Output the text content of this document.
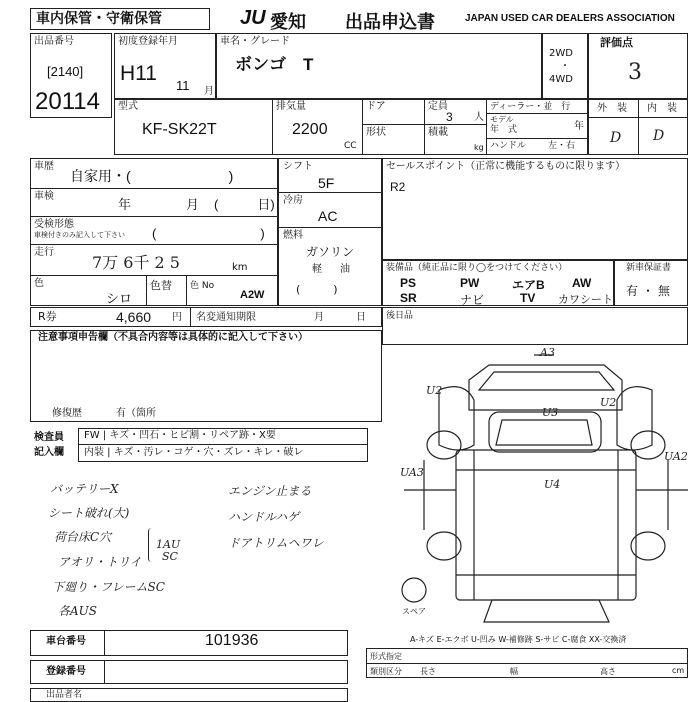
車内保管・守衛保管	JU 愛知 出品申込書	JAPAN USED CAR DEALERS ASSOCIATION
出品番号
[2140]
20114
初度登録年月
H11
11 月
車名・グレード
ボンゴ　T
2WD
・
4WD
評価点
3
型式
KF-SK22T
排気量
2200
CC
ドア
形状
定員
3 人
積載
kg
ディーラー・並　行
モデル
年　式	年
ハンドル 左・右
外　装 内　装
D D
車歴
自家用・(　　　　　　　)
車検
年	月 (　　　日)
受検形態
車検付きのみ記入して下さい (　　　　　　　　)
走行
7万 6千 2 5	km
色
シロ
色替 色 No
A2W
シフト
5F
冷房
AC
燃料
ガソリン
軽 油
(　　　)
セールスポイント（正常に機能するものに限ります）
R2
装備品（純正品に限り◯をつけてください）
PS	PW	エアB AW
SR	ナビ	TV カワシート
新車保証書
有 ・ 無
R券	4,660 円 名変通知期限	月	日 後日品
注意事項申告欄（不具合内容等は具体的に記入して下さい）
修復歴	有（箇所
検査員
記入欄
FW | キズ・凹石・ヒビ割・リペア跡・X要
内装 | キズ・汚レ・コゲ・穴・ズレ・キレ・破レ
バッテリーX
シート破れ(大)
荷台床C穴
アオリ・トリイ
下廻り・フレームSC
各AUS
エンジン止まる
ハンドルハゲ
ドアトリムヘワレ
1AU
SC
車台番号	101936
登録番号
出品者名
A3
U2
U3
U2
UA3
U4
UA2
スペア
A-キズ E-エクボ U-凹み W-補修跡 S-サビ C-腐食 XX-交換済
形式指定
類別区分 長さ	幅	高さ	cm
